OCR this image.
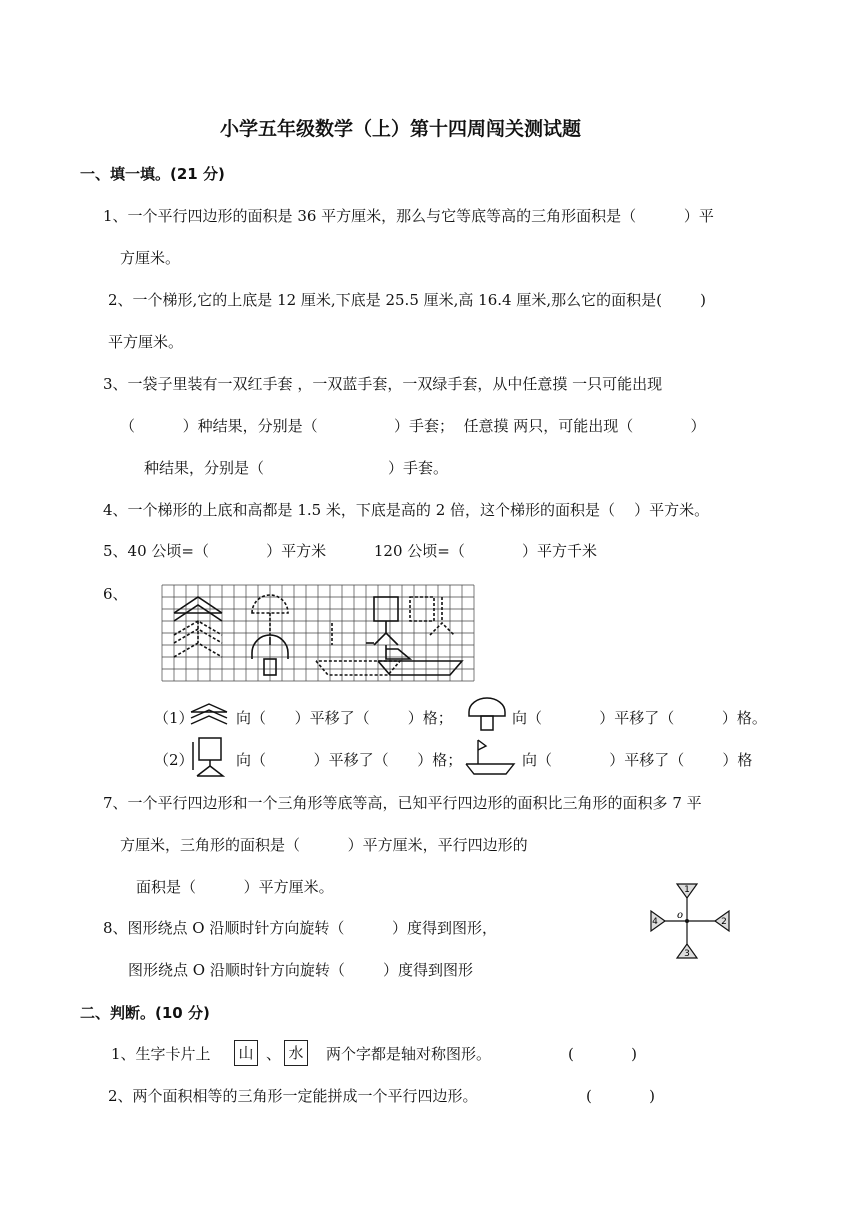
小学五年级数学（上）第十四周闯关测试题
一、填一填。(21 分)
1、一个平行四边形的面积是 36 平方厘米，那么与它等底等高的三角形面积是（          ）平
方厘米。
2、一个梯形,它的上底是 12 厘米,下底是 25.5 厘米,高 16.4 厘米,那么它的面积是(        )
平方厘米。
3、一袋子里装有一双红手套 ，一双蓝手套，一双绿手套，从中任意摸 一只可能出现
（          ）种结果，分别是（                ）手套；  任意摸 两只，可能出现（            ）
种结果，分别是（                          ）手套。
4、一个梯形的上底和高都是 1.5 米，下底是高的 2 倍，这个梯形的面积是（    ）平方米。
5、40 公顷=（            ）平方米          120 公顷=（            ）平方千米
6、
（1）	向（      ）平移了（        ）格；	向（            ）平移了（          ）格。
（2）	向（          ）平移了（      ）格；	向（            ）平移了（        ）格
7、一个平行四边形和一个三角形等底等高，已知平行四边形的面积比三角形的面积多 7 平
方厘米，三角形的面积是（          ）平方厘米，平行四边形的
面积是（          ）平方厘米。
8、图形绕点 O 沿顺时针方向旋转（          ）度得到图形，
图形绕点 O 沿顺时针方向旋转（        ）度得到图形
o
1
2
3
4
二、判断。(10 分)
1、生字卡片上 山 、 水	两个字都是轴对称图形。	(            )
2、两个面积相等的三角形一定能拼成一个平行四边形。	(            )
